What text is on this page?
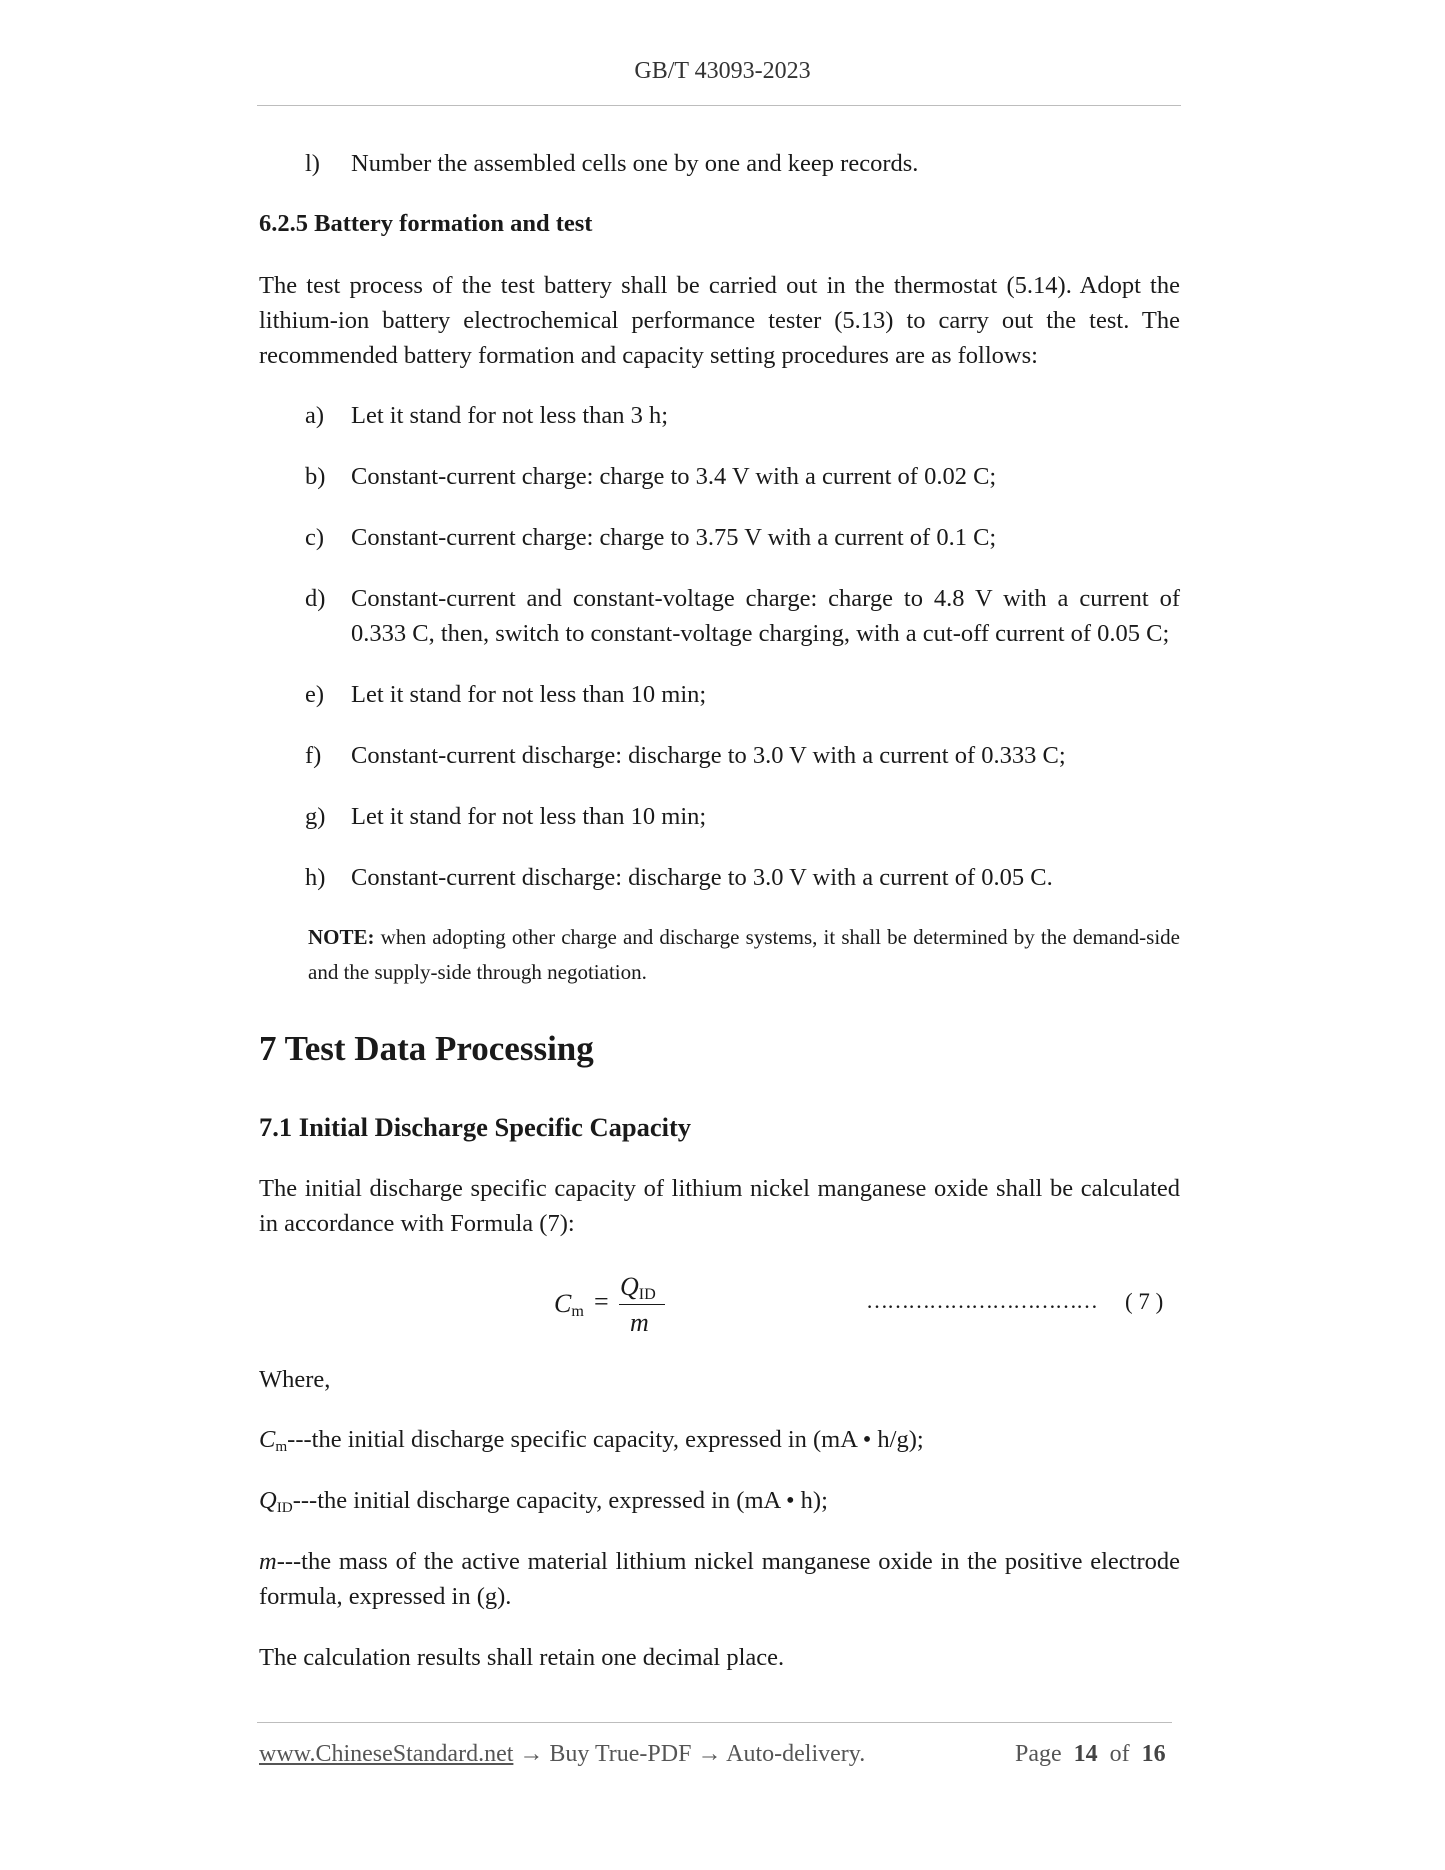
GB/T 43093-2023
l) Number the assembled cells one by one and keep records.
6.2.5 Battery formation and test
The test process of the test battery shall be carried out in the thermostat (5.14). Adopt the lithium-ion battery electrochemical performance tester (5.13) to carry out the test. The recommended battery formation and capacity setting procedures are as follows:
a) Let it stand for not less than 3 h;
b) Constant-current charge: charge to 3.4 V with a current of 0.02 C;
c) Constant-current charge: charge to 3.75 V with a current of 0.1 C;
d) Constant-current and constant-voltage charge: charge to 4.8 V with a current of 0.333 C, then, switch to constant-voltage charging, with a cut-off current of 0.05 C;
e) Let it stand for not less than 10 min;
f) Constant-current discharge: discharge to 3.0 V with a current of 0.333 C;
g) Let it stand for not less than 10 min;
h) Constant-current discharge: discharge to 3.0 V with a current of 0.05 C.
NOTE: when adopting other charge and discharge systems, it shall be determined by the demand-side and the supply-side through negotiation.
7 Test Data Processing
7.1 Initial Discharge Specific Capacity
The initial discharge specific capacity of lithium nickel manganese oxide shall be calculated in accordance with Formula (7):
$C_m$ =
$Q_{ID}$
m
……………………………	( 7 )
Where,
$C_m--$-the initial discharge specific capacity, expressed in (mA • h/g);
$Q_{ID}--$-the initial discharge capacity, expressed in (mA • h);
m---the mass of the active material lithium nickel manganese oxide in the positive electrode formula, expressed in (g).
The calculation results shall retain one decimal place.
www.ChineseStandard.net → Buy True-PDF → Auto-delivery.	Page 14 of 16
